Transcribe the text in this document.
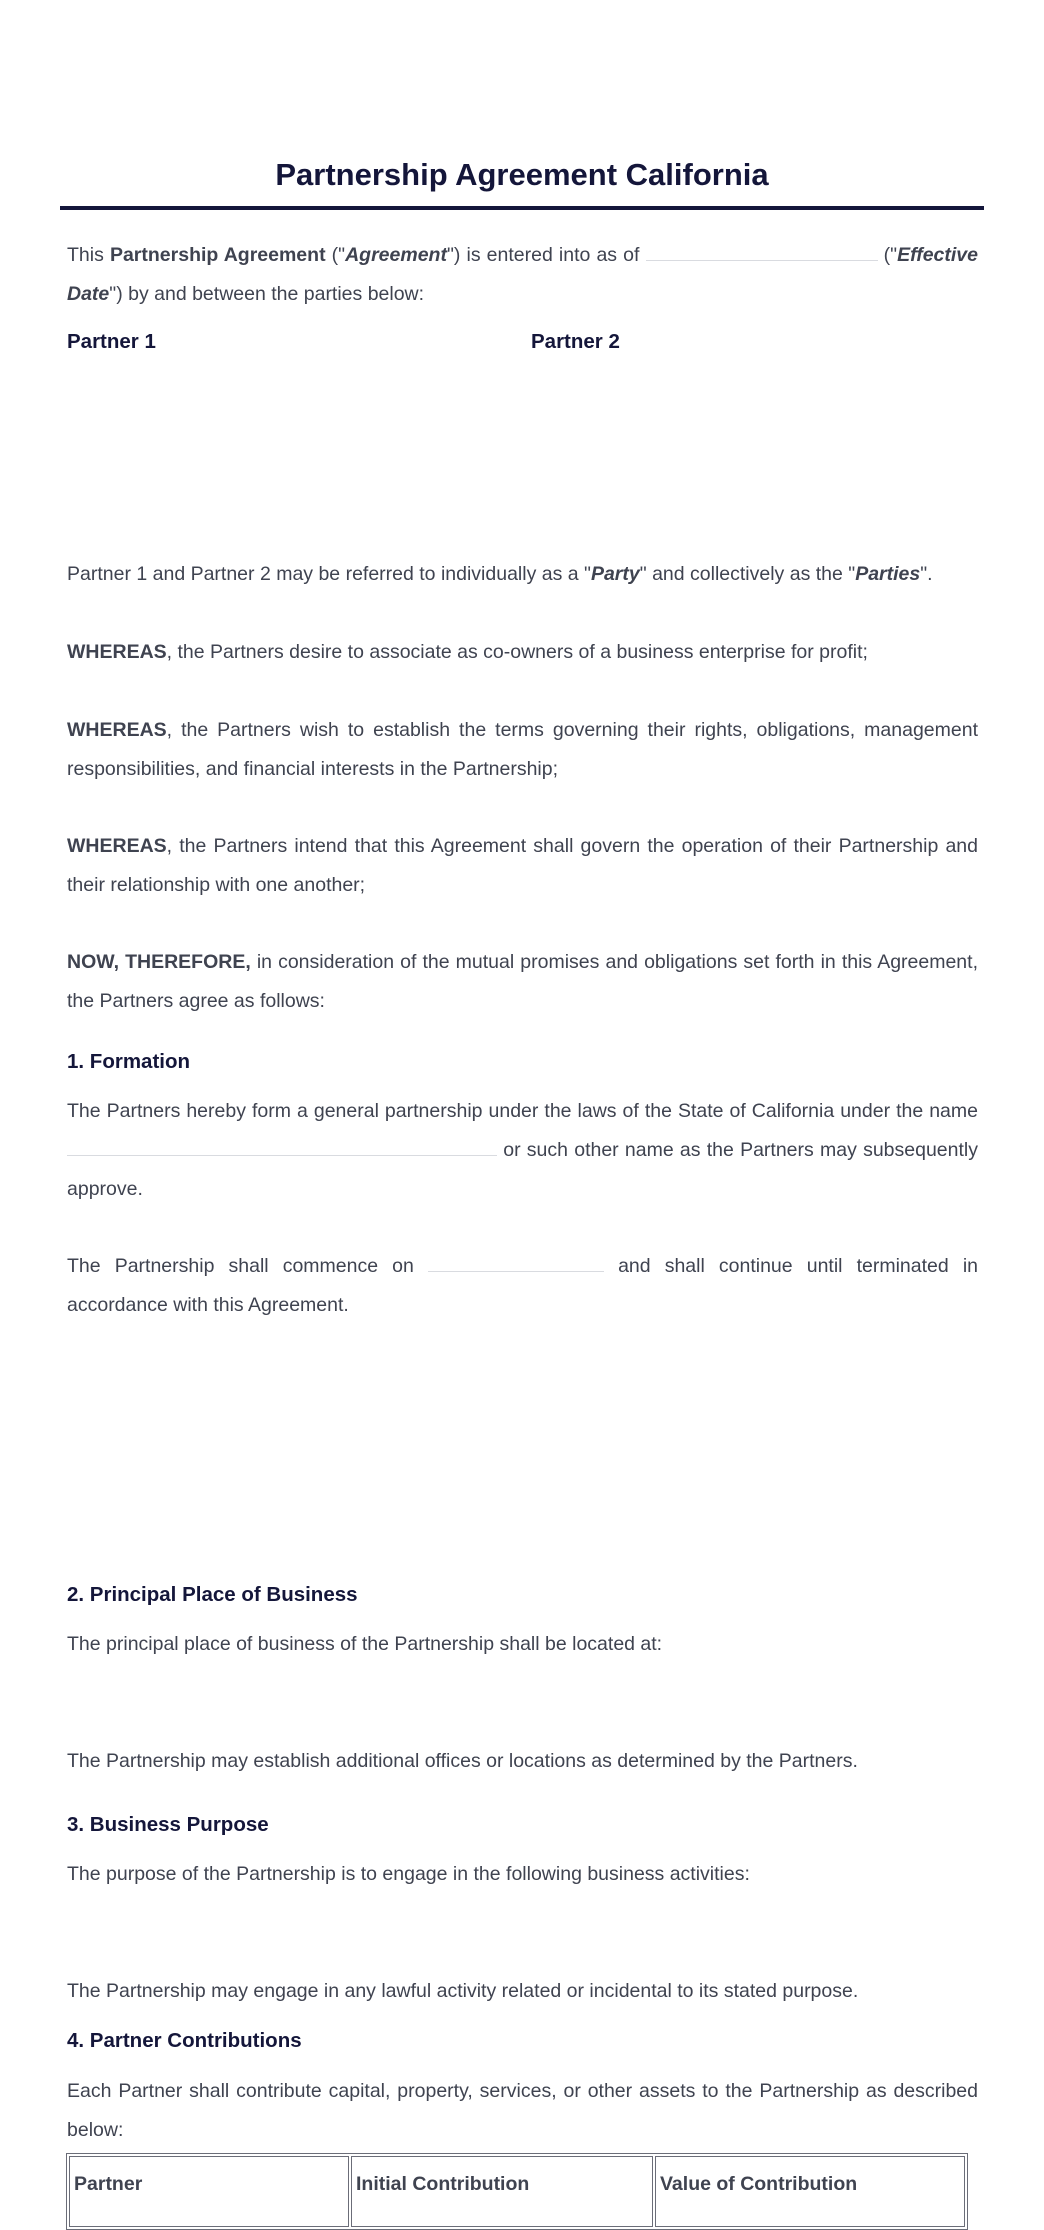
Partnership Agreement California

This Partnership Agreement ("Agreement") is entered into as of	("Effective Date") by and between the parties below:

Partner 1	Partner 2

Partner 1 and Partner 2 may be referred to individually as a "Party" and collectively as the "Parties".

WHEREAS, the Partners desire to associate as co-owners of a business enterprise for profit;

WHEREAS, the Partners wish to establish the terms governing their rights, obligations, management responsibilities, and financial interests in the Partnership;

WHEREAS, the Partners intend that this Agreement shall govern the operation of their Partnership and their relationship with one another;

NOW, THEREFORE, in consideration of the mutual promises and obligations set forth in this Agreement, the Partners agree as follows:

1. Formation

The Partners hereby form a general partnership under the laws of the State of California under the name  or such other name as the Partners may subsequently approve.

The Partnership shall commence on	and shall continue until terminated in accordance with this Agreement.

2. Principal Place of Business

The principal place of business of the Partnership shall be located at:

The Partnership may establish additional offices or locations as determined by the Partners.

3. Business Purpose

The purpose of the Partnership is to engage in the following business activities:

The Partnership may engage in any lawful activity related or incidental to its stated purpose.

4. Partner Contributions

Each Partner shall contribute capital, property, services, or other assets to the Partnership as described below:

Partner	Initial Contribution	Value of Contribution
